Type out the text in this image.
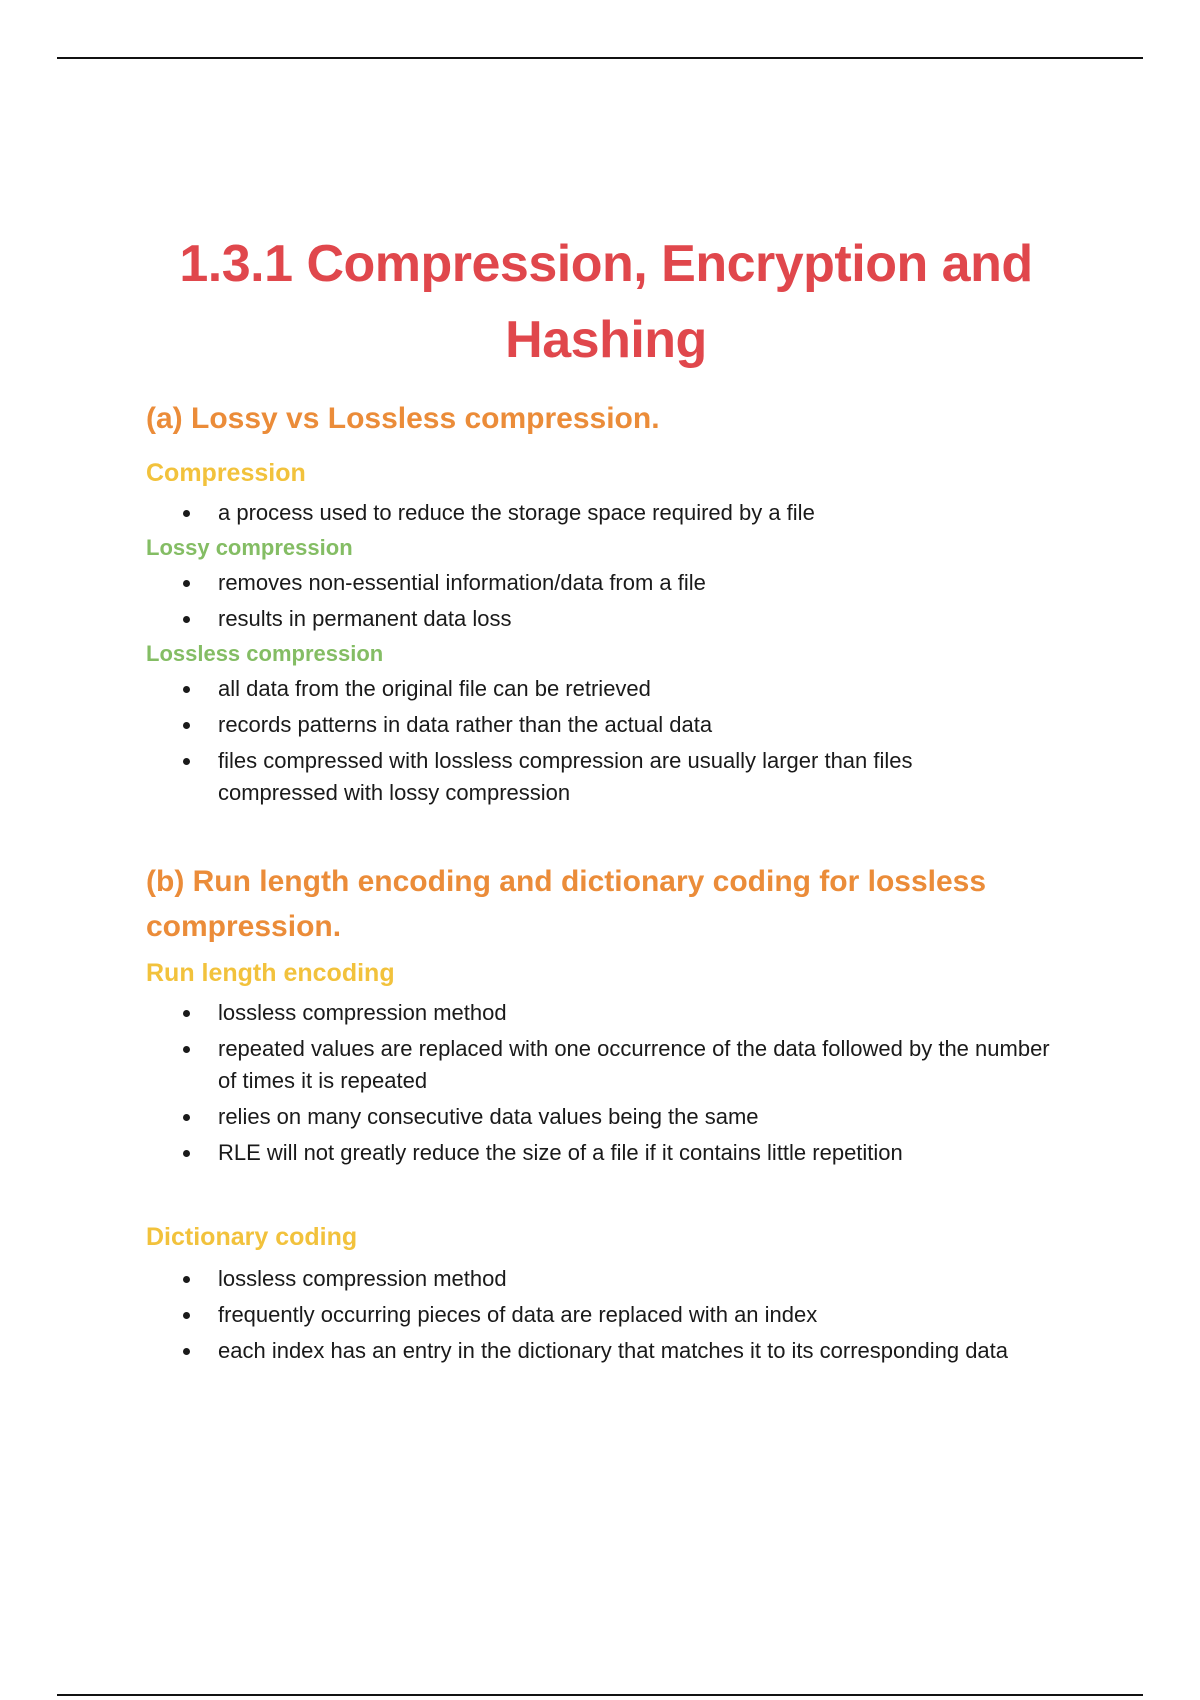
1.3.1 Compression, Encryption and Hashing
(a) Lossy vs Lossless compression.
Compression
a process used to reduce the storage space required by a file
Lossy compression
removes non-essential information/data from a file
results in permanent data loss
Lossless compression
all data from the original file can be retrieved
records patterns in data rather than the actual data
files compressed with lossless compression are usually larger than files compressed with lossy compression
(b) Run length encoding and dictionary coding for lossless compression.
Run length encoding
lossless compression method
repeated values are replaced with one occurrence of the data followed by the number of times it is repeated
relies on many consecutive data values being the same
RLE will not greatly reduce the size of a file if it contains little repetition
Dictionary coding
lossless compression method
frequently occurring pieces of data are replaced with an index
each index has an entry in the dictionary that matches it to its corresponding data
